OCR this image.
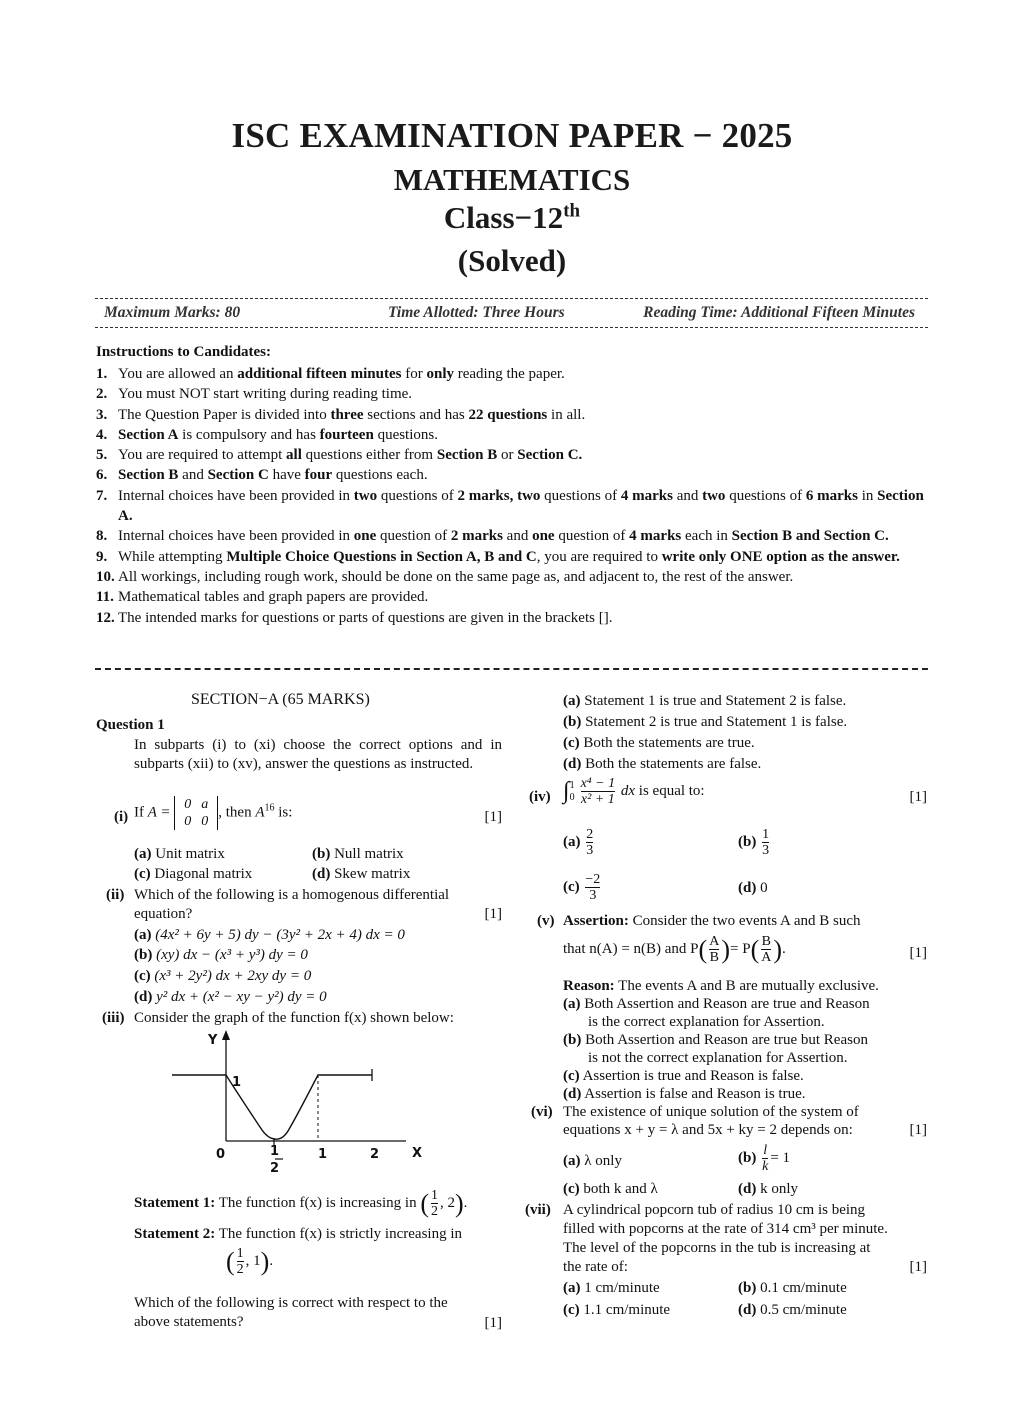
ISC EXAMINATION PAPER − 2025
MATHEMATICS
Class−12th
(Solved)
Maximum Marks: 80	Time Allotted: Three Hours	Reading Time: Additional Fifteen Minutes
Instructions to Candidates:
1. You are allowed an additional fifteen minutes for only reading the paper.
2. You must NOT start writing during reading time.
3. The Question Paper is divided into three sections and has 22 questions in all.
4. Section A is compulsory and has fourteen questions.
5. You are required to attempt all questions either from Section B or Section C.
6. Section B and Section C have four questions each.
7. Internal choices have been provided in two questions of 2 marks, two questions of 4 marks and two questions of 6 marks in Section A.
8. Internal choices have been provided in one question of 2 marks and one question of 4 marks each in Section B and Section C.
9. While attempting Multiple Choice Questions in Section A, B and C, you are required to write only ONE option as the answer.
10. All workings, including rough work, should be done on the same page as, and adjacent to, the rest of the answer.
11. Mathematical tables and graph papers are provided.
12. The intended marks for questions or parts of questions are given in the brackets [].
SECTION−A (65 MARKS)
Question 1
In subparts (i) to (xi) choose the correct options and in subparts (xii) to (xv), answer the questions as instructed.
(i) If A = 0	a
0	0
, then $A^{16}$ is:	[1]
(a) Unit matrix	(b) Null matrix
(c) Diagonal matrix	(d) Skew matrix
(ii) Which of the following is a homogenous differential equation?	[1]
(a) (4x² + 6y + 5) dy − (3y² + 2x + 4) dx = 0
(b) (xy) dx − (x³ + y³) dy = 0
(c) (x³ + 2y²) dx + 2xy dy = 0
(d) y² dx + (x² − xy − y²) dy = 0
(iii) Consider the graph of the function f(x) shown below:
Y
X
1
0	1
2
1	2
Statement 1: The function f(x) is increasing in ( $\frac{1}{2}$ , 2).
Statement 2: The function f(x) is strictly increasing in
( $\frac{1}{2}$ , 1).
Which of the following is correct with respect to the above statements?	[1]
(a) Statement 1 is true and Statement 2 is false.
(b) Statement 2 is true and Statement 1 is false.
(c) Both the statements are true.
(d) Both the statements are false.
(iv) ∫1
$0 \frac{\text{x⁴ − 1}}{\text{x² + 1}}$ dx is equal to:	[1]
$(a) \frac{2}{3}$	$(b) \frac{1}{3}$
$(c) \frac{-2}{3}$	(d) 0
(v) Assertion: Consider the two events A and B such
that n(A) = n(B) and $P( \frac{A}{B}$ )= $P( \frac{B}{A}$ ).	[1]
Reason: The events A and B are mutually exclusive.
(a) Both Assertion and Reason are true and Reason
is the correct explanation for Assertion.
(b) Both Assertion and Reason are true but Reason
is not the correct explanation for Assertion.
(c) Assertion is true and Reason is false.
(d) Assertion is false and Reason is true.
(vi) The existence of unique solution of the system of
equations x + y = λ and 5x + ky = 2 depends on:	[1]
(a) λ only	$(b) \frac{l}{k} = 1$
(c) both k and λ	(d) k only
(vii) A cylindrical popcorn tub of radius 10 cm is being
filled with popcorns at the rate of 314 cm³ per minute.
The level of the popcorns in the tub is increasing at
the rate of:	[1]
(a) 1 cm/minute	(b) 0.1 cm/minute
(c) 1.1 cm/minute	(d) 0.5 cm/minute
